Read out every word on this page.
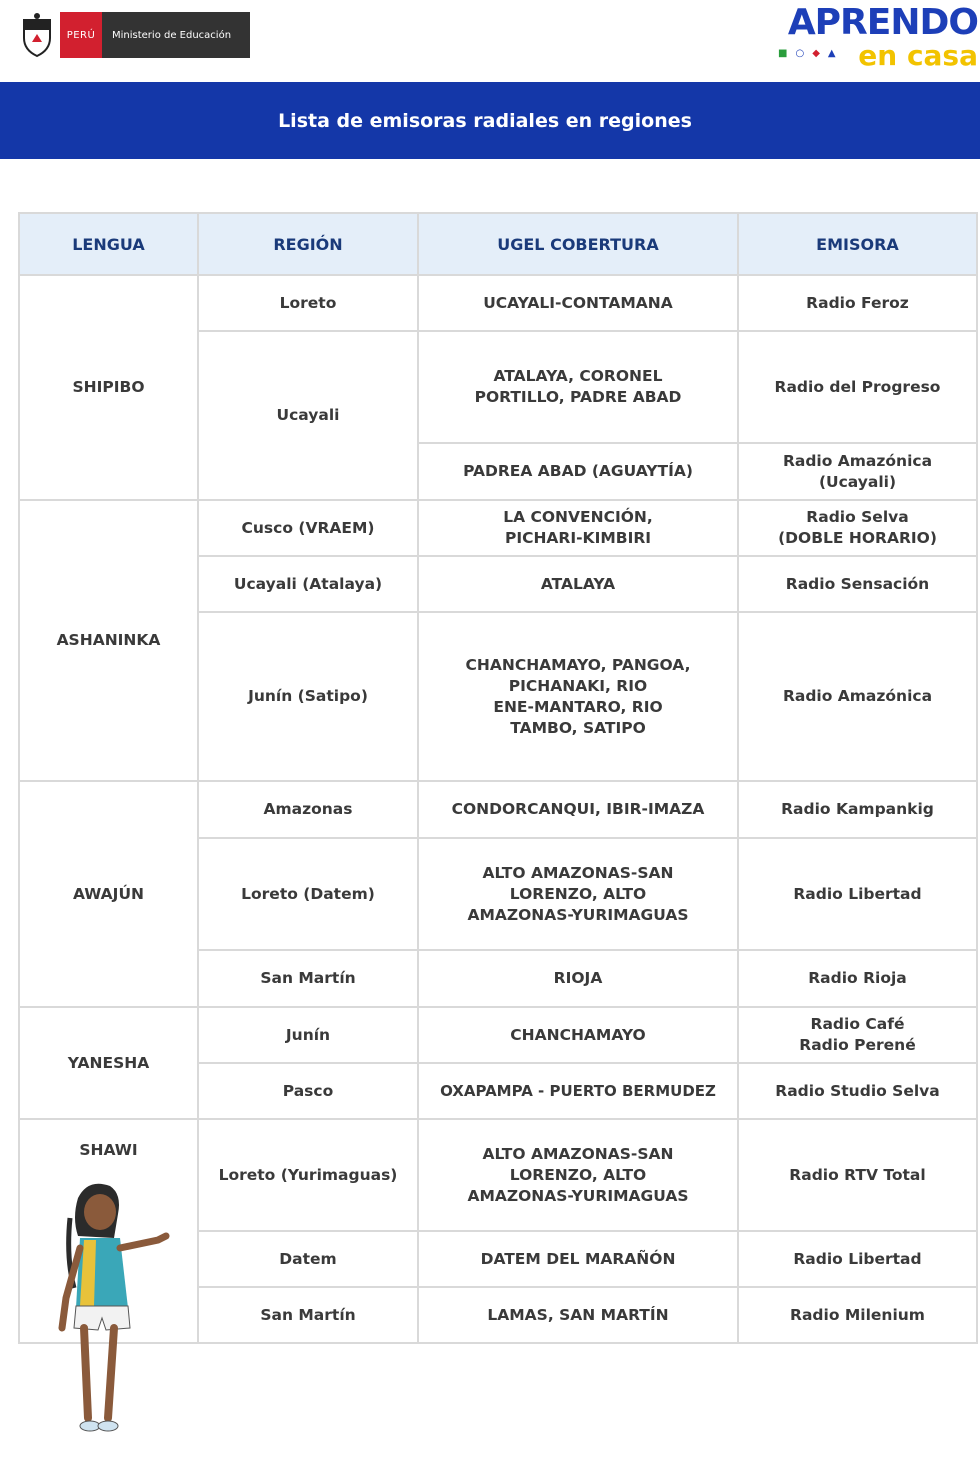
PERÚ	Ministerio de Educación	APRENDO
■○◆▲ en casa
Lista de emisoras radiales en regiones
LENGUA	REGIÓN	UGEL COBERTURA	EMISORA
SHIPIBO	Loreto	UCAYALI-CONTAMANA	Radio Feroz
	Ucayali	ATALAYA, CORONEL PORTILLO, PADRE ABAD	Radio del Progreso
		PADREA ABAD (AGUAYTÍA)	Radio Amazónica
(Ucayali)
ASHANINKA	Cusco (VRAEM)	LA CONVENCIÓN,
PICHARI-KIMBIRI	Radio Selva
(DOBLE HORARIO)
	Ucayali (Atalaya)	ATALAYA	Radio Sensación
	Junín (Satipo)	CHANCHAMAYO, PANGOA,
PICHANAKI, RIO
ENE-MANTARO, RIO
TAMBO, SATIPO	Radio Amazónica
AWAJÚN	Amazonas	CONDORCANQUI, IBIR-IMAZA	Radio Kampankig
	Loreto (Datem)	ALTO AMAZONAS-SAN
LORENZO, ALTO
AMAZONAS-YURIMAGUAS	Radio Libertad
	San Martín	RIOJA	Radio Rioja
YANESHA	Junín	CHANCHAMAYO	Radio Café
Radio Perené
	Pasco	OXAPAMPA - PUERTO BERMUDEZ	Radio Studio Selva
SHAWI	Loreto (Yurimaguas)	ALTO AMAZONAS-SAN
LORENZO, ALTO
AMAZONAS-YURIMAGUAS	Radio RTV Total
	Datem	DATEM DEL MARAÑÓN	Radio Libertad
	San Martín	LAMAS, SAN MARTÍN	Radio Milenium
